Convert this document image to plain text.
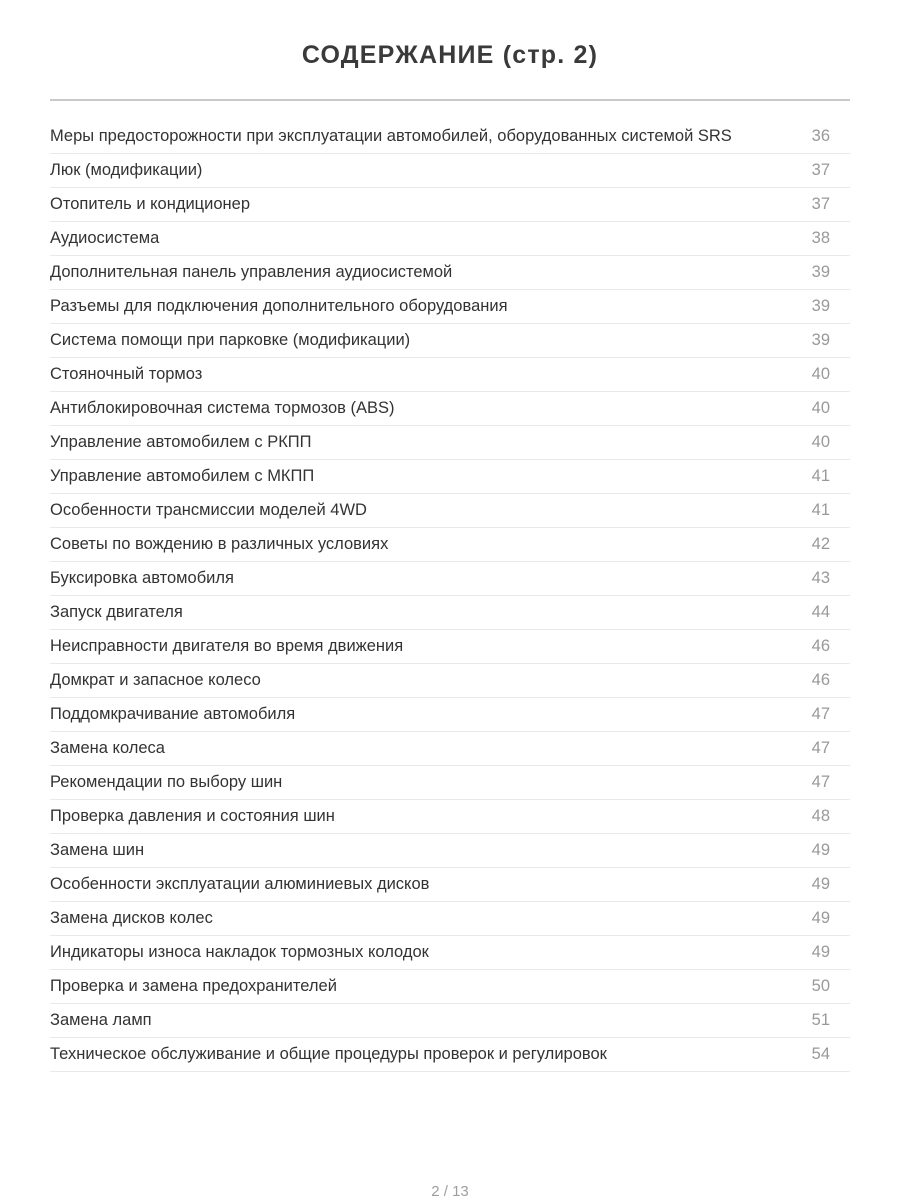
СОДЕРЖАНИЕ (стр. 2)
Меры предосторожности при эксплуатации автомобилей, оборудованных системой SRS	36
Люк (модификации)	37
Отопитель и кондиционер	37
Аудиосистема	38
Дополнительная панель управления аудиосистемой	39
Разъемы для подключения дополнительного оборудования	39
Система помощи при парковке (модификации)	39
Стояночный тормоз	40
Антиблокировочная система тормозов (ABS)	40
Управление автомобилем с РКПП	40
Управление автомобилем с МКПП	41
Особенности трансмиссии моделей 4WD	41
Советы по вождению в различных условиях	42
Буксировка автомобиля	43
Запуск двигателя	44
Неисправности двигателя во время движения	46
Домкрат и запасное колесо	46
Поддомкрачивание автомобиля	47
Замена колеса	47
Рекомендации по выбору шин	47
Проверка давления и состояния шин	48
Замена шин	49
Особенности эксплуатации алюминиевых дисков	49
Замена дисков колес	49
Индикаторы износа накладок тормозных колодок	49
Проверка и замена предохранителей	50
Замена ламп	51
Техническое обслуживание и общие процедуры проверок и регулировок	54
2 / 13
